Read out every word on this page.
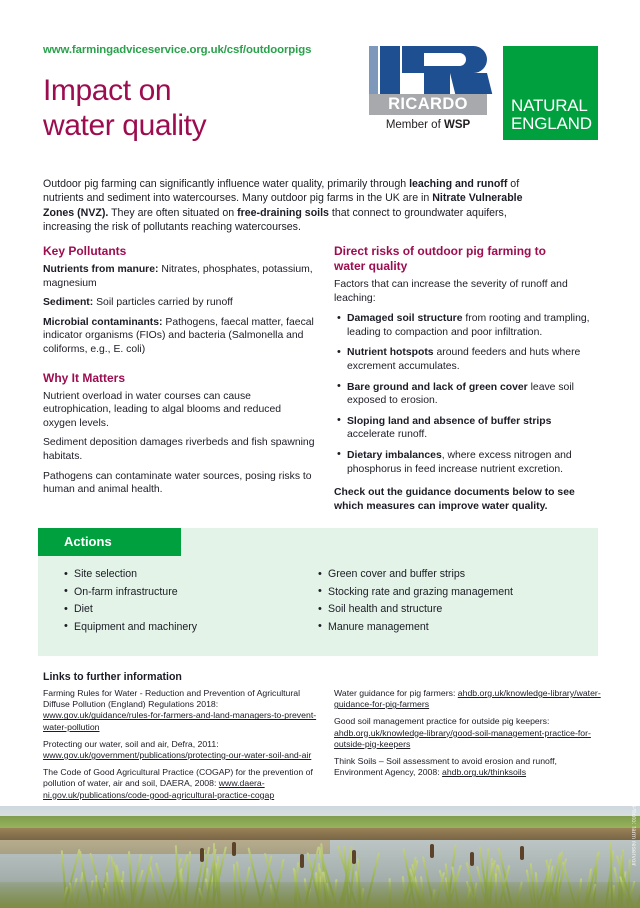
www.farmingadviceservice.org.uk/csf/outdoorpigs
Impact on
water quality
RICARDO
Member of WSP
NATURAL
ENGLAND
Outdoor pig farming can significantly influence water quality, primarily through leaching and runoff of nutrients and sediment into watercourses. Many outdoor pig farms in the UK are in Nitrate Vulnerable Zones (NVZ). They are often situated on free-draining soils that connect to groundwater aquifers, increasing the risk of pollutants reaching watercourses.
Key Pollutants
Nutrients from manure: Nitrates, phosphates, potassium, magnesium
Sediment: Soil particles carried by runoff
Microbial contaminants: Pathogens, faecal matter, faecal indicator organisms (FIOs) and bacteria (Salmonella and coliforms, e.g., E. coli)
Why It Matters
Nutrient overload in water courses can cause eutrophication, leading to algal blooms and reduced oxygen levels.
Sediment deposition damages riverbeds and fish spawning habitats.
Pathogens can contaminate water sources, posing risks to human and animal health.
Direct risks of outdoor pig farming to
water quality
Factors that can increase the severity of runoff and leaching:
• Damaged soil structure from rooting and trampling, leading to compaction and poor infiltration.
• Nutrient hotspots around feeders and huts where excrement accumulates.
• Bare ground and lack of green cover leave soil exposed to erosion.
• Sloping land and absence of buffer strips accelerate runoff.
• Dietary imbalances, where excess nitrogen and phosphorus in feed increase nutrient excretion.
Check out the guidance documents below to see which measures can improve water quality.
Actions
• Site selection
• On-farm infrastructure
• Diet
• Equipment and machinery
• Green cover and buffer strips
• Stocking rate and grazing management
• Soil health and structure
• Manure management
Links to further information
Farming Rules for Water - Reduction and Prevention of Agricultural Diffuse Pollution (England) Regulations 2018: www.gov.uk/guidance/rules-for-farmers-and-land-managers-to-prevent-water-pollution
Protecting our water, soil and air, Defra, 2011: www.gov.uk/government/publications/protecting-our-water-soil-and-air
The Code of Good Agricultural Practice (COGAP) for the prevention of pollution of water, air and soil, DAERA, 2008: www.daera-ni.gov.uk/publications/code-good-agricultural-practice-cogap
Water guidance for pig farmers: ahdb.org.uk/knowledge-library/water-guidance-for-pig-farmers
Good soil management practice for outside pig keepers: ahdb.org.uk/knowledge-library/good-soil-management-practice-for-outside-pig-keepers
Think Soils – Soil assessment to avoid erosion and runoff, Environment Agency, 2008: ahdb.org.uk/thinksoils
Photo: farm reservoir
